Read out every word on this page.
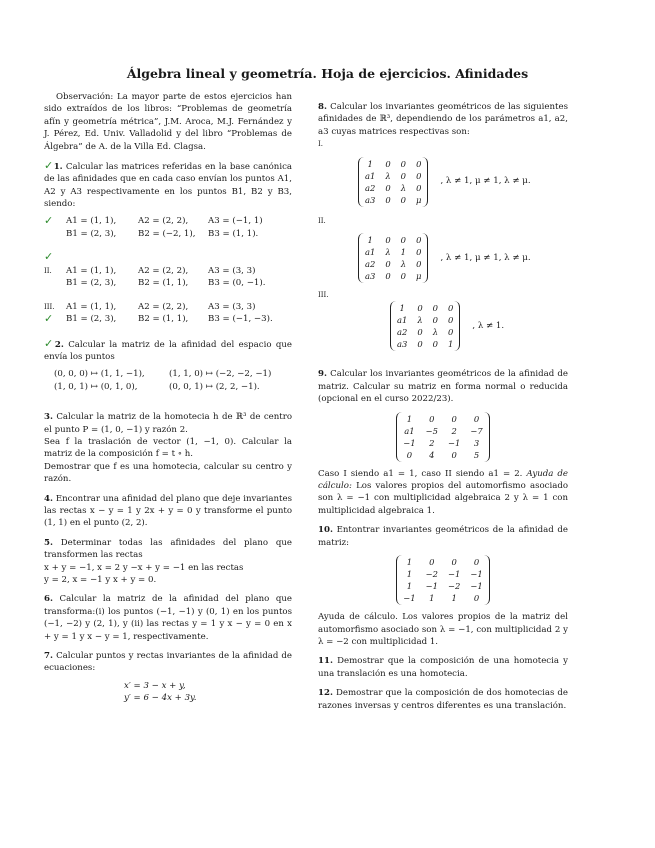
Álgebra lineal y geometría. Hoja de ejercicios. Afinidades

Observación: La mayor parte de estos ejercicios han sido extraídos de los libros: “Problemas de geometría afín y geometría métrica”, J.M. Aroca, M.J. Fernández y J. Pérez, Ed. Univ. Valladolid y del libro “Problemas de Álgebra” de A. de la Villa Ed. Clagsa.

✓1. Calcular las matrices referidas en la base canónica de las afinidades que en cada caso envían los puntos A1, A2 y A3 respectivamente en los puntos B1, B2 y B3, siendo:

✓	A1 = (1, 1),	A2 = (2, 2),	A3 = (−1, 1)
B1 = (2, 3),	B2 = (−2, 1),	B3 = (1, 1).
✓
II.	A1 = (1, 1),	A2 = (2, 2),	A3 = (3, 3)
B1 = (2, 3),	B2 = (1, 1),	B3 = (0, −1).
III.	A1 = (1, 1),	A2 = (2, 2),	A3 = (3, 3)
✓	B1 = (2, 3),	B2 = (1, 1),	B3 = (−1, −3).

✓2. Calcular la matriz de la afinidad del espacio que envía los puntos

(0, 0, 0) ↦ (1, 1, −1),	(1, 1, 0) ↦ (−2, −2, −1)
(1, 0, 1) ↦ (0, 1, 0),	(0, 0, 1) ↦ (2, 2, −1).

3. Calcular la matriz de la homotecia h de ℝ³ de centro el punto P = (1, 0, −1) y razón 2.

Sea f la traslación de vector (1, −1, 0). Calcular la matriz de la composición f = t ∘ h.

Demostrar que f es una homotecia, calcular su centro y razón.

4. Encontrar una afinidad del plano que deje invariantes las rectas x − y = 1 y 2x + y = 0 y transforme el punto (1, 1) en el punto (2, 2).

5. Determinar todas las afinidades del plano que transformen las rectas

x + y = −1, x = 2 y −x + y = −1 en las rectas

y = 2, x = −1 y x + y = 0.

6. Calcular la matriz de la afinidad del plano que transforma:(i) los puntos (−1, −1) y (0, 1) en los puntos (−1, −2) y (2, 1), y (ii) las rectas y = 1 y x − y = 0 en x + y = 1 y x − y = 1, respectivamente.

7. Calcular puntos y rectas invariantes de la afinidad de ecuaciones:

x′ = 3 − x + y,
y′ = 6 − 4x + 3y.

8. Calcular los invariantes geométricos de las siguientes afinidades de ℝ³, dependiendo de los parámetros a1, a2, a3 cuyas matrices respectivas son:

I.
1 0 0 0
a1 λ 0 0
a2 0 λ 0
a3 0 0 μ
, λ ≠ 1, μ ≠ 1, λ ≠ μ.
II.
1 0 0 0
a1 λ 1 0
a2 0 λ 0
a3 0 0 μ
, λ ≠ 1, μ ≠ 1, λ ≠ μ.
III.
1 0 0 0
a1 λ 0 0
a2 0 λ 0
a3 0 0 1
, λ ≠ 1.

9. Calcular los invariantes geométricos de la afinidad de matriz. Calcular su matriz en forma normal o reducida (opcional en el curso 2022/23).

1	0	0	0
a1 −5	2	−7
−1	2	−1	3
0	4	0	5

Caso I siendo a1 = 1, caso II siendo a1 = 2. Ayuda de cálculo: Los valores propios del automorfismo asociado son λ = −1 con multiplicidad algebraica 2 y λ = 1 con multiplicidad algebraica 1.

10. Entontrar invariantes geométricos de la afinidad de matriz:

1	0	0	0
1	−2 −1 −1
1	−1 −2 −1
−1	1	1	0

Ayuda de cálculo. Los valores propios de la matriz del automorfismo asociado son λ = −1, con multiplicidad 2 y λ = −2 con multiplicidad 1.

11. Demostrar que la composición de una homotecia y una translación es una homotecia.

12. Demostrar que la composición de dos homotecias de razones inversas y centros diferentes es una translación.
